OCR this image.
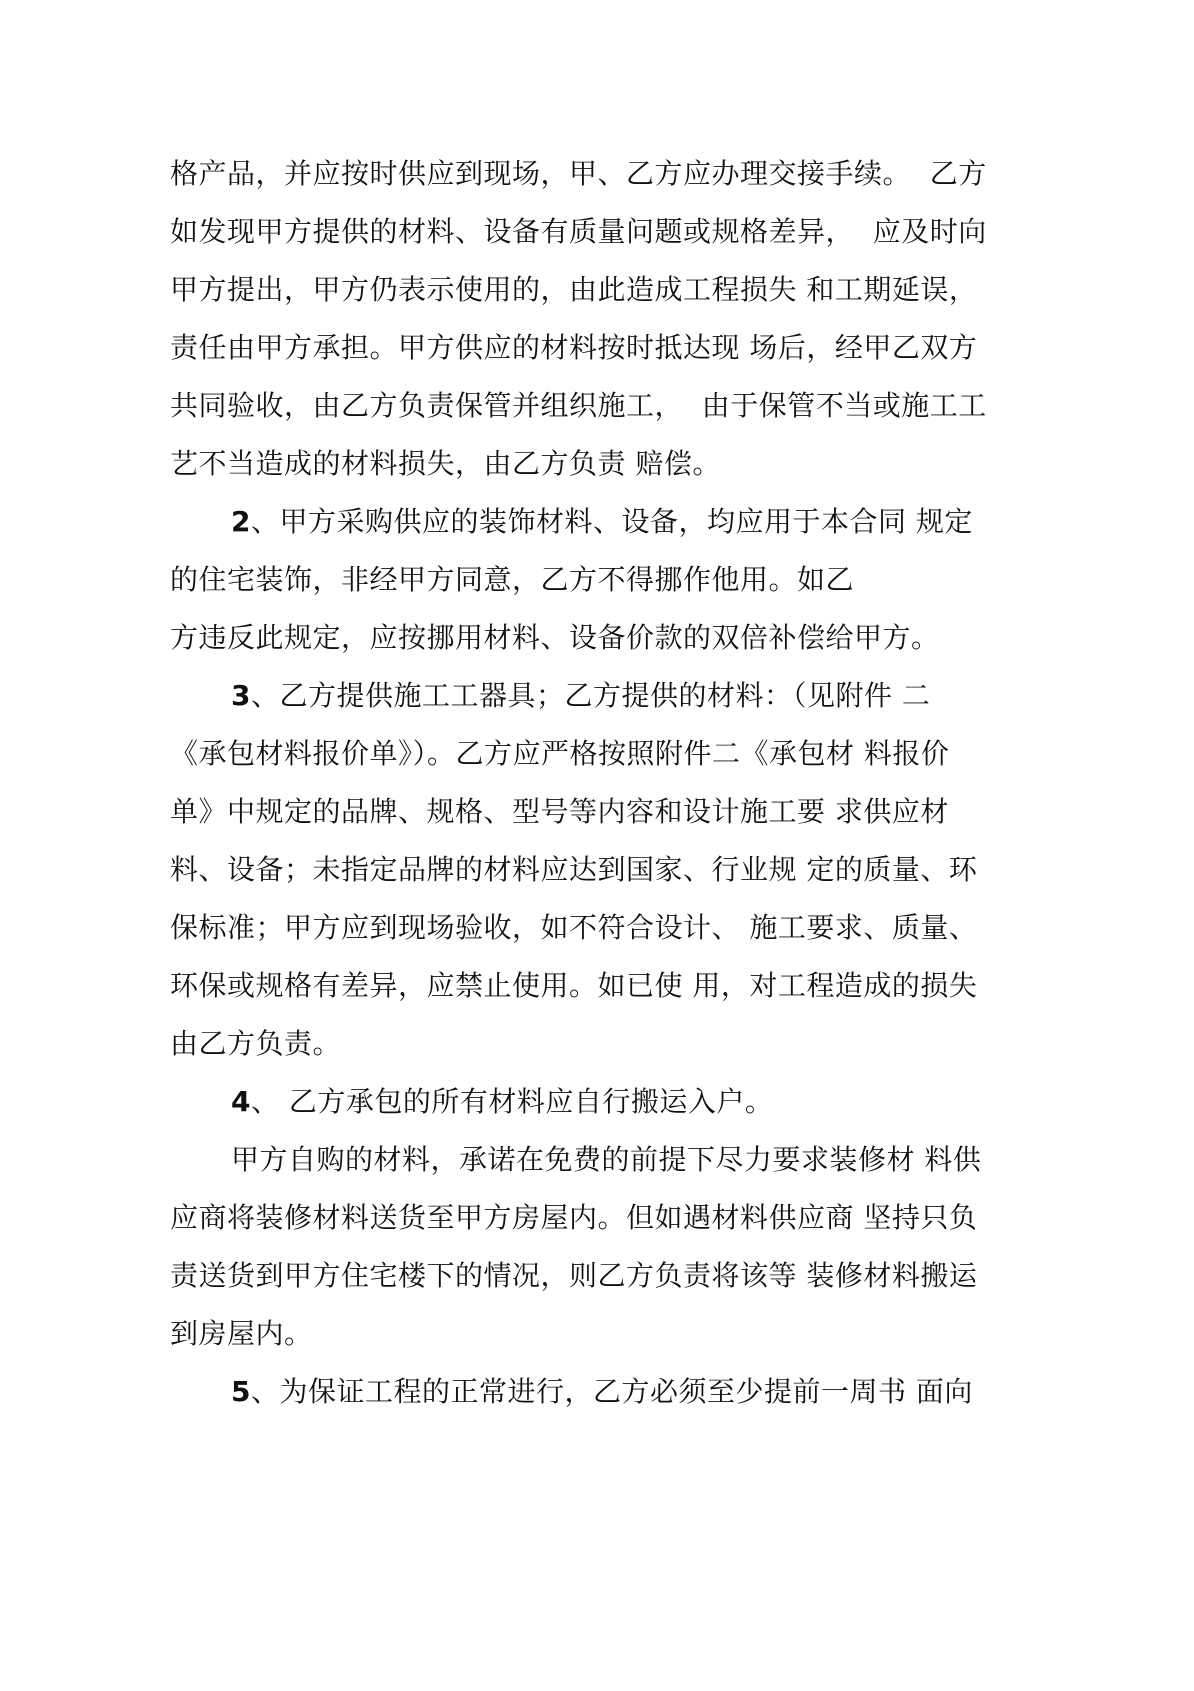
格产品，并应按时供应到现场，甲、乙方应办理交接手续。  乙方
如发现甲方提供的材料、设备有质量问题或规格差异，  应及时向
甲方提出，甲方仍表示使用的，由此造成工程损失 和工期延误，
责任由甲方承担。甲方供应的材料按时抵达现 场后，经甲乙双方
共同验收，由乙方负责保管并组织施工，  由于保管不当或施工工
艺不当造成的材料损失，由乙方负责 赔偿。
2、甲方采购供应的装饰材料、设备，均应用于本合同 规定
的住宅装饰，非经甲方同意，乙方不得挪作他用。如乙
方违反此规定，应按挪用材料、设备价款的双倍补偿给甲方。
3、乙方提供施工工器具；乙方提供的材料：（见附件 二
《承包材料报价单》）。乙方应严格按照附件二《承包材 料报价
单》中规定的品牌、规格、型号等内容和设计施工要 求供应材
料、设备；未指定品牌的材料应达到国家、行业规 定的质量、环
保标准；甲方应到现场验收，如不符合设计、 施工要求、质量、
环保或规格有差异，应禁止使用。如已使 用，对工程造成的损失
由乙方负责。
4、 乙方承包的所有材料应自行搬运入户。
甲方自购的材料，承诺在免费的前提下尽力要求装修材 料供
应商将装修材料送货至甲方房屋内。但如遇材料供应商 坚持只负
责送货到甲方住宅楼下的情况，则乙方负责将该等 装修材料搬运
到房屋内。
5、为保证工程的正常进行，乙方必须至少提前一周书 面向
